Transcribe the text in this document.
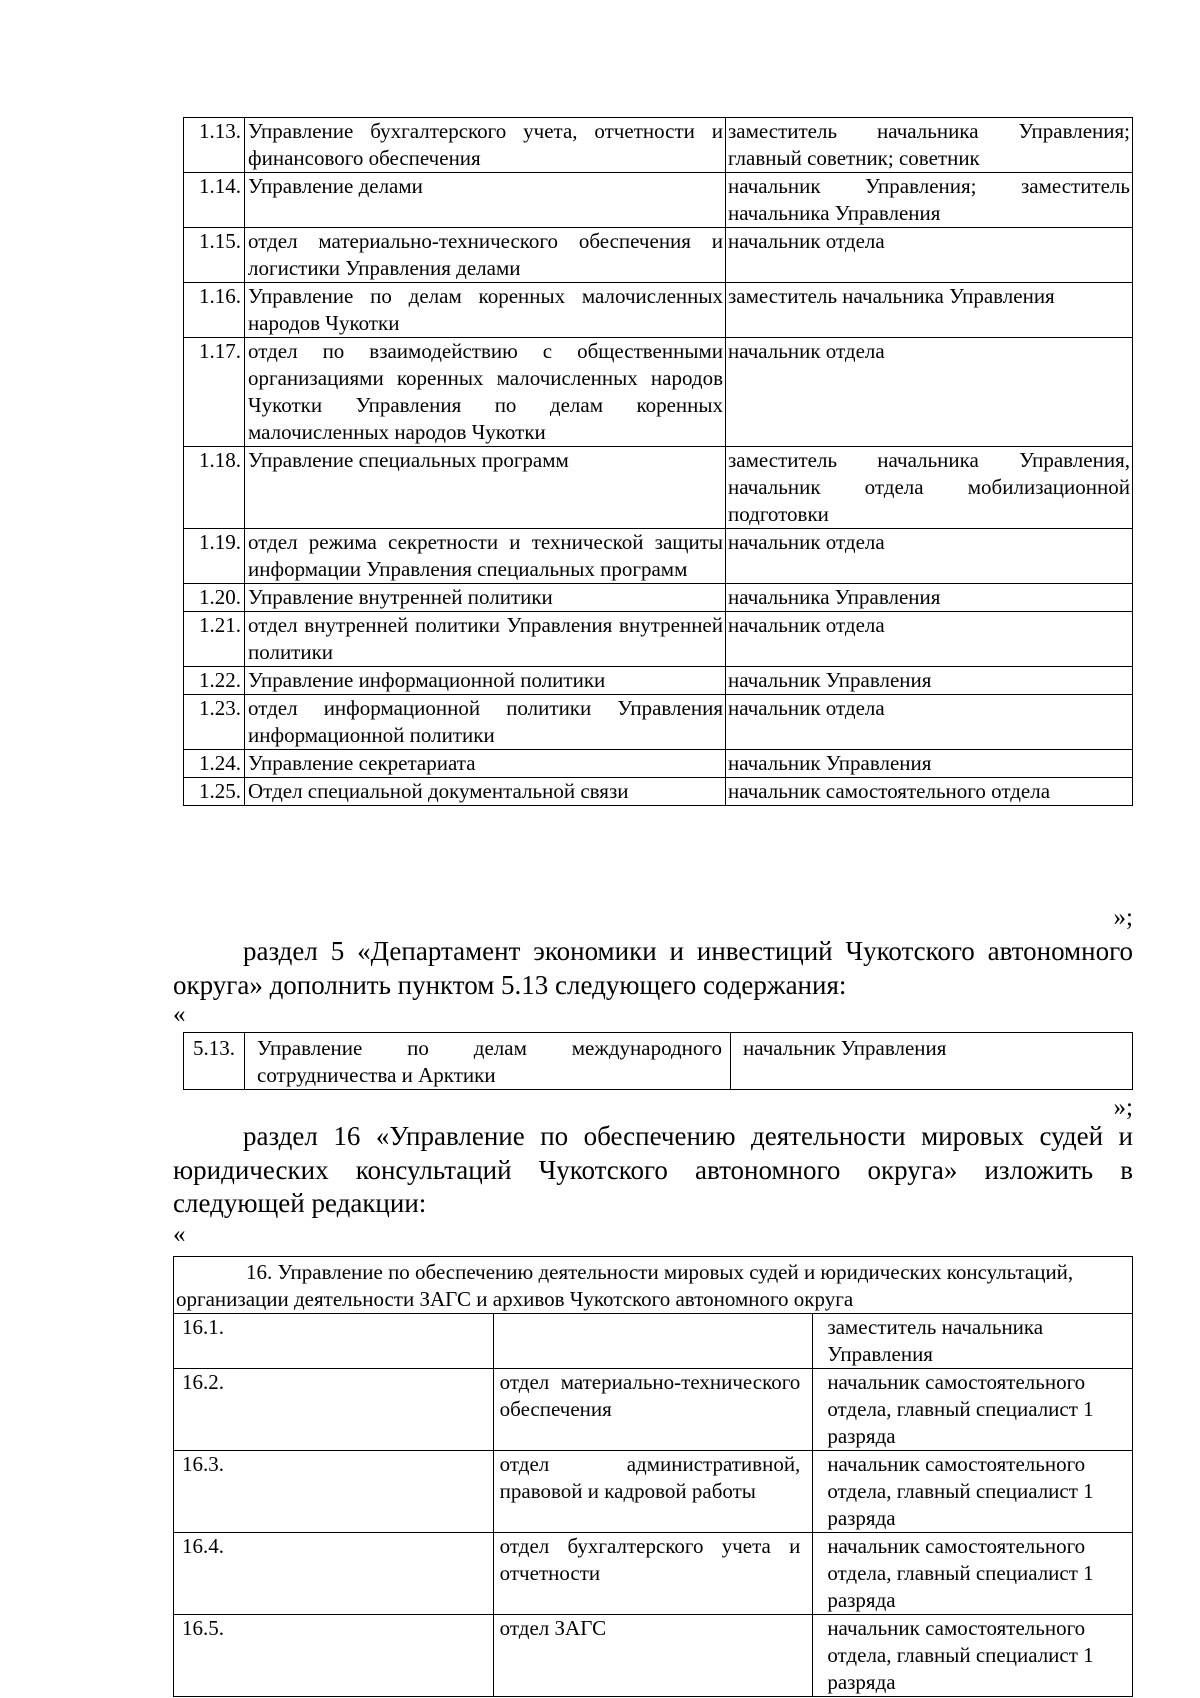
1.13.	Управление бухгалтерского учета, отчетности и финансового обеспечения	заместитель начальника Управления; главный советник; советник
1.14.	Управление делами	начальник Управления; заместитель начальника Управления
1.15.	отдел материально-технического обеспечения и логистики Управления делами	начальник отдела
1.16.	Управление по делам коренных малочисленных народов Чукотки	заместитель начальника Управления
1.17.	отдел по взаимодействию с общественными организациями коренных малочисленных народов Чукотки Управления по делам коренных малочисленных народов Чукотки	начальник отдела
1.18.	Управление специальных программ	заместитель начальника Управления, начальник отдела мобилизационной подготовки
1.19.	отдел режима секретности и технической защиты информации Управления специальных программ	начальник отдела
1.20.	Управление внутренней политики	начальника Управления
1.21.	отдел внутренней политики Управления внутренней политики	начальник отдела
1.22.	Управление информационной политики	начальник Управления
1.23.	отдел информационной политики Управления информационной политики	начальник отдела
1.24.	Управление секретариата	начальник Управления
1.25.	Отдел специальной документальной связи	начальник самостоятельного отдела
»;
раздел 5 «Департамент экономики и инвестиций Чукотского автономного округа» дополнить пунктом 5.13 следующего содержания:
«
5.13.	Управление по делам международного сотрудничества и Арктики	начальник Управления
»;
раздел 16 «Управление по обеспечению деятельности мировых судей и юридических консультаций Чукотского автономного округа» изложить в следующей редакции:
«
16. Управление по обеспечению деятельности мировых судей и юридических консультаций, организации деятельности ЗАГС и архивов Чукотского автономного округа		
16.1.		заместитель начальника Управления
16.2.	отдел материально-технического обеспечения	начальник самостоятельного отдела, главный специалист 1 разряда
16.3.	отдел административной, правовой и кадровой работы	начальник самостоятельного отдела, главный специалист 1 разряда
16.4.	отдел бухгалтерского учета и отчетности	начальник самостоятельного отдела, главный специалист 1 разряда
16.5.	отдел ЗАГС	начальник самостоятельного отдела, главный специалист 1 разряда
